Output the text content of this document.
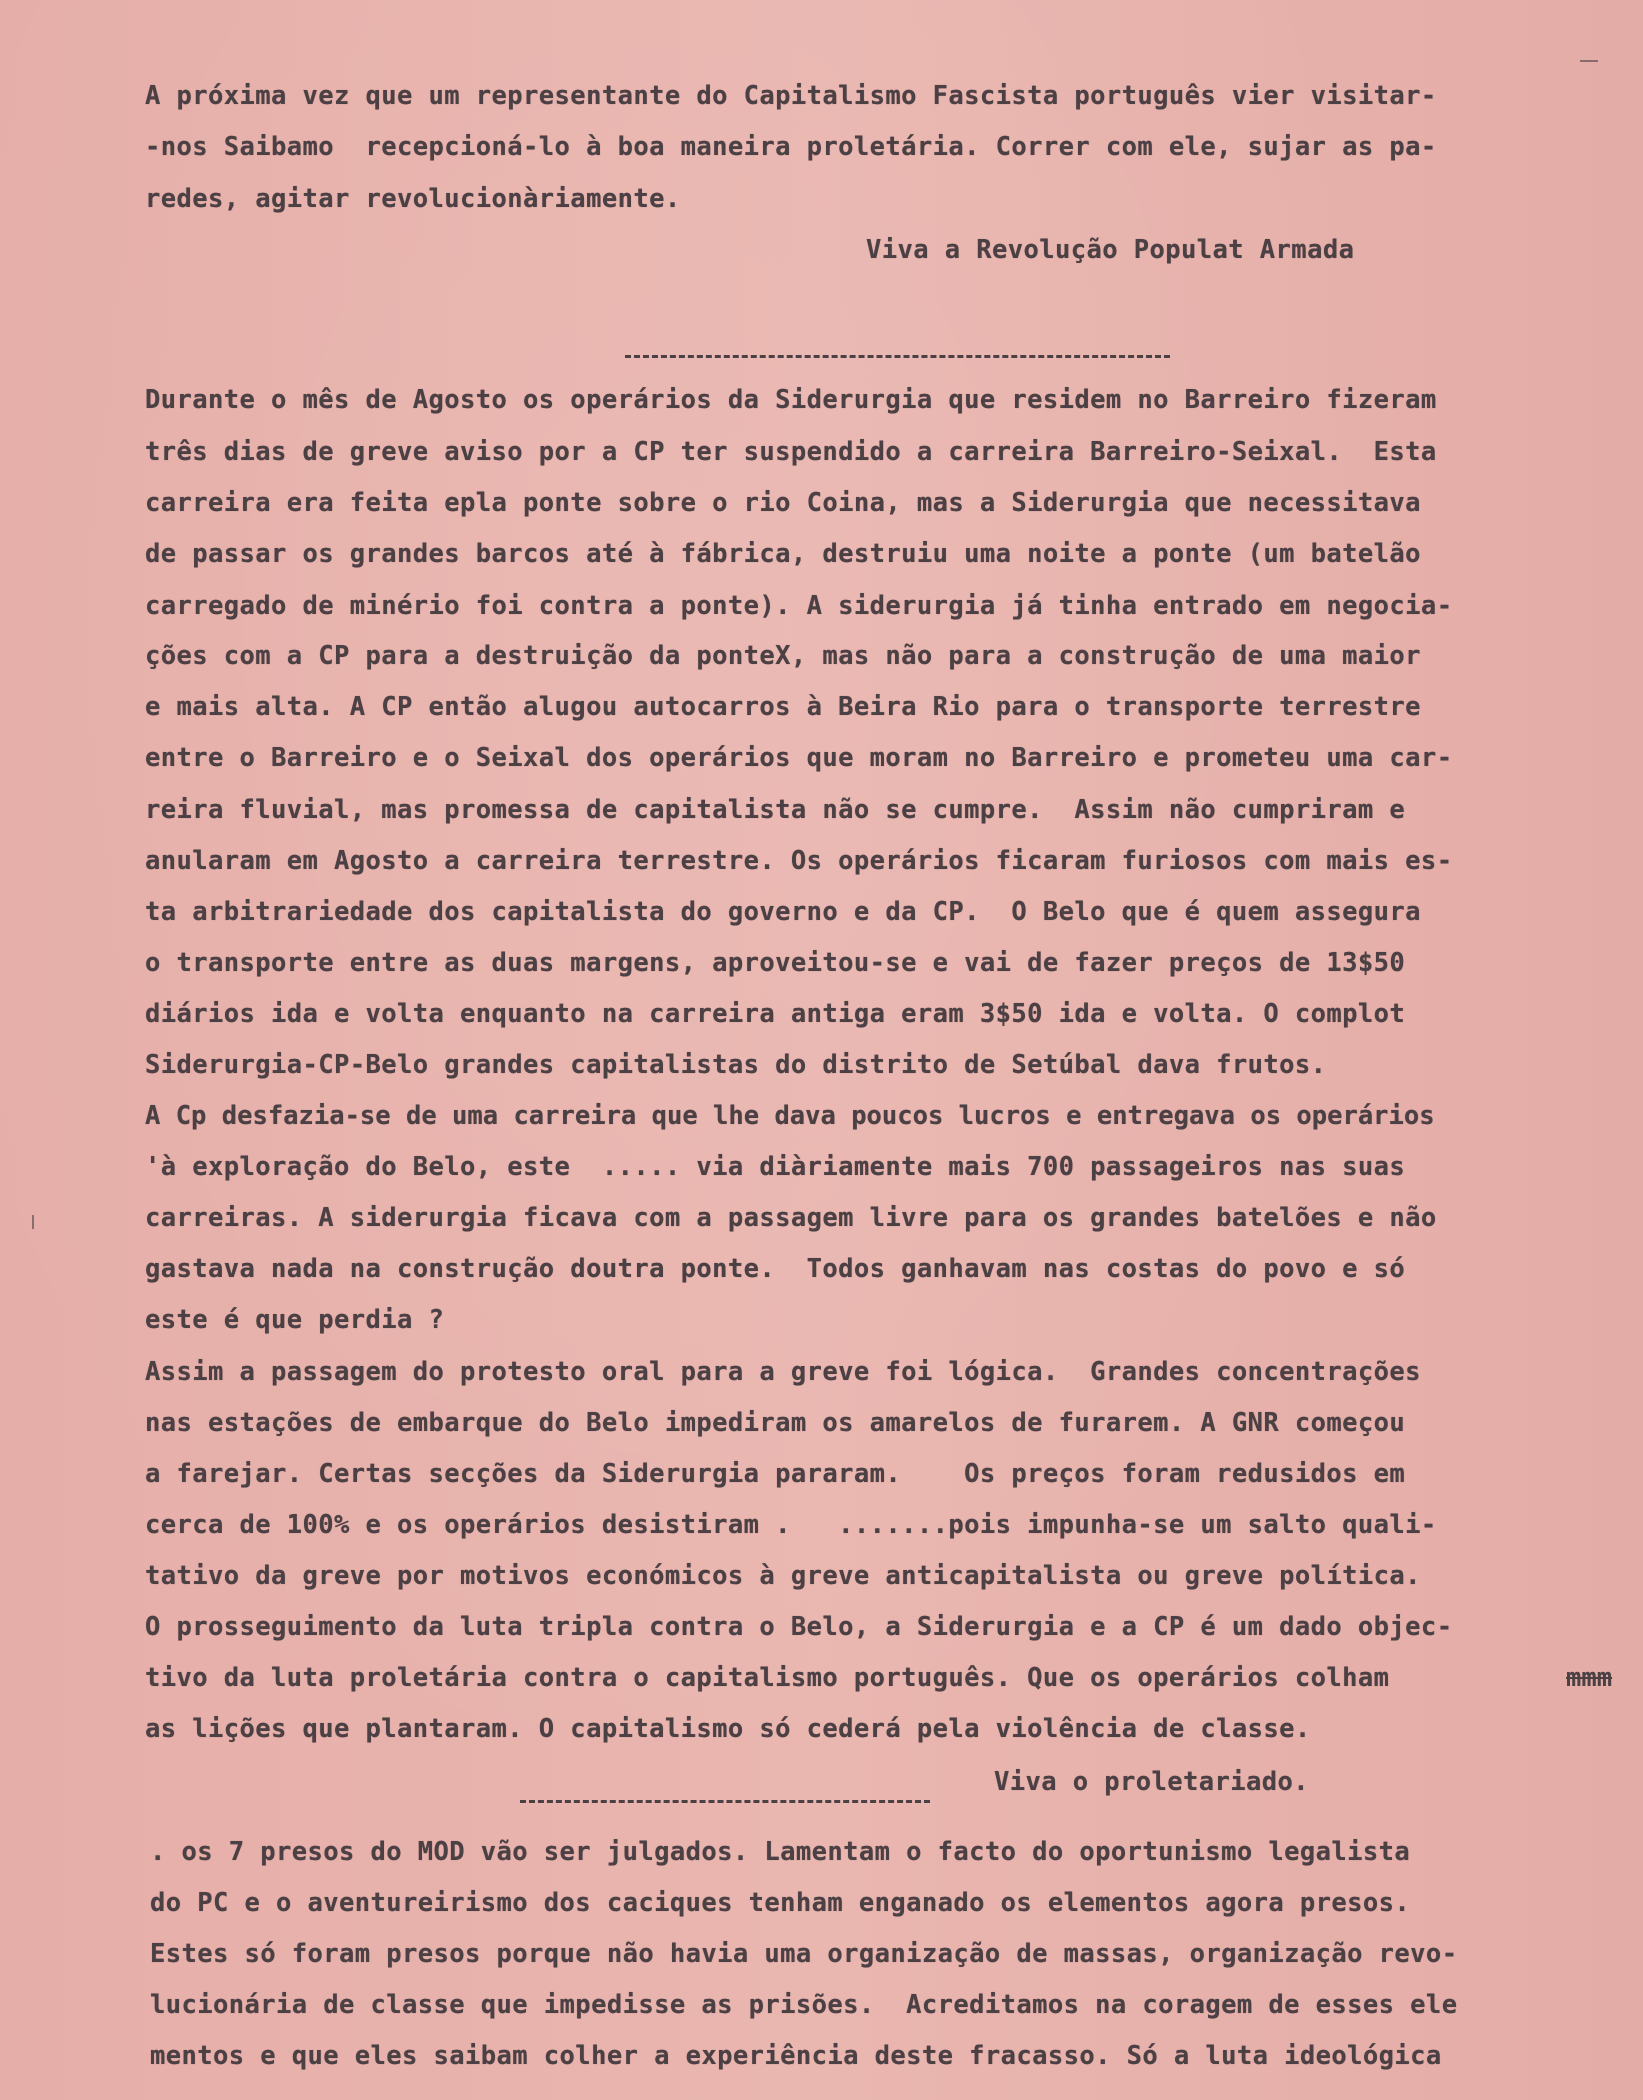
A próxima vez que um representante do Capitalismo Fascista português vier visitar-
-nos Saibamo  recepcioná-lo à boa maneira proletária. Correr com ele, sujar as pa-
redes, agitar revolucionàriamente.
Viva a Revolução Populat Armada
Durante o mês de Agosto os operários da Siderurgia que residem no Barreiro fizeram
três dias de greve aviso por a CP ter suspendido a carreira Barreiro-Seixal.  Esta
carreira era feita epla ponte sobre o rio Coina, mas a Siderurgia que necessitava
de passar os grandes barcos até à fábrica, destruiu uma noite a ponte (um batelão
carregado de minério foi contra a ponte). A siderurgia já tinha entrado em negocia-
ções com a CP para a destruição da ponteX, mas não para a construção de uma maior
e mais alta. A CP então alugou autocarros à Beira Rio para o transporte terrestre
entre o Barreiro e o Seixal dos operários que moram no Barreiro e prometeu uma car-
reira fluvial, mas promessa de capitalista não se cumpre.  Assim não cumpriram e
anularam em Agosto a carreira terrestre. Os operários ficaram furiosos com mais es-
ta arbitrariedade dos capitalista do governo e da CP.  O Belo que é quem assegura
o transporte entre as duas margens, aproveitou-se e vai de fazer preços de 13$50
diários ida e volta enquanto na carreira antiga eram 3$50 ida e volta. O complot
Siderurgia-CP-Belo grandes capitalistas do distrito de Setúbal dava frutos.
A Cp desfazia-se de uma carreira que lhe dava poucos lucros e entregava os operários
'à exploração do Belo, este  ..... via diàriamente mais 700 passageiros nas suas
carreiras. A siderurgia ficava com a passagem livre para os grandes batelões e não
gastava nada na construção doutra ponte.  Todos ganhavam nas costas do povo e só
este é que perdia ?
Assim a passagem do protesto oral para a greve foi lógica.  Grandes concentrações
nas estações de embarque do Belo impediram os amarelos de furarem. A GNR começou
a farejar. Certas secções da Siderurgia pararam.    Os preços foram redusidos em
cerca de 100% e os operários desistiram .   .......pois impunha-se um salto quali-
tativo da greve por motivos económicos à greve anticapitalista ou greve política.
O prosseguimento da luta tripla contra o Belo, a Siderurgia e a CP é um dado objec-
tivo da luta proletária contra o capitalismo português. Que os operários colham	mmm
as lições que plantaram. O capitalismo só cederá pela violência de classe.
Viva o proletariado.
. os 7 presos do MOD vão ser julgados. Lamentam o facto do oportunismo legalista
do PC e o aventureirismo dos caciques tenham enganado os elementos agora presos.
Estes só foram presos porque não havia uma organização de massas, organização revo-
lucionária de classe que impedisse as prisões.  Acreditamos na coragem de esses ele
mentos e que eles saibam colher a experiência deste fracasso. Só a luta ideológica
